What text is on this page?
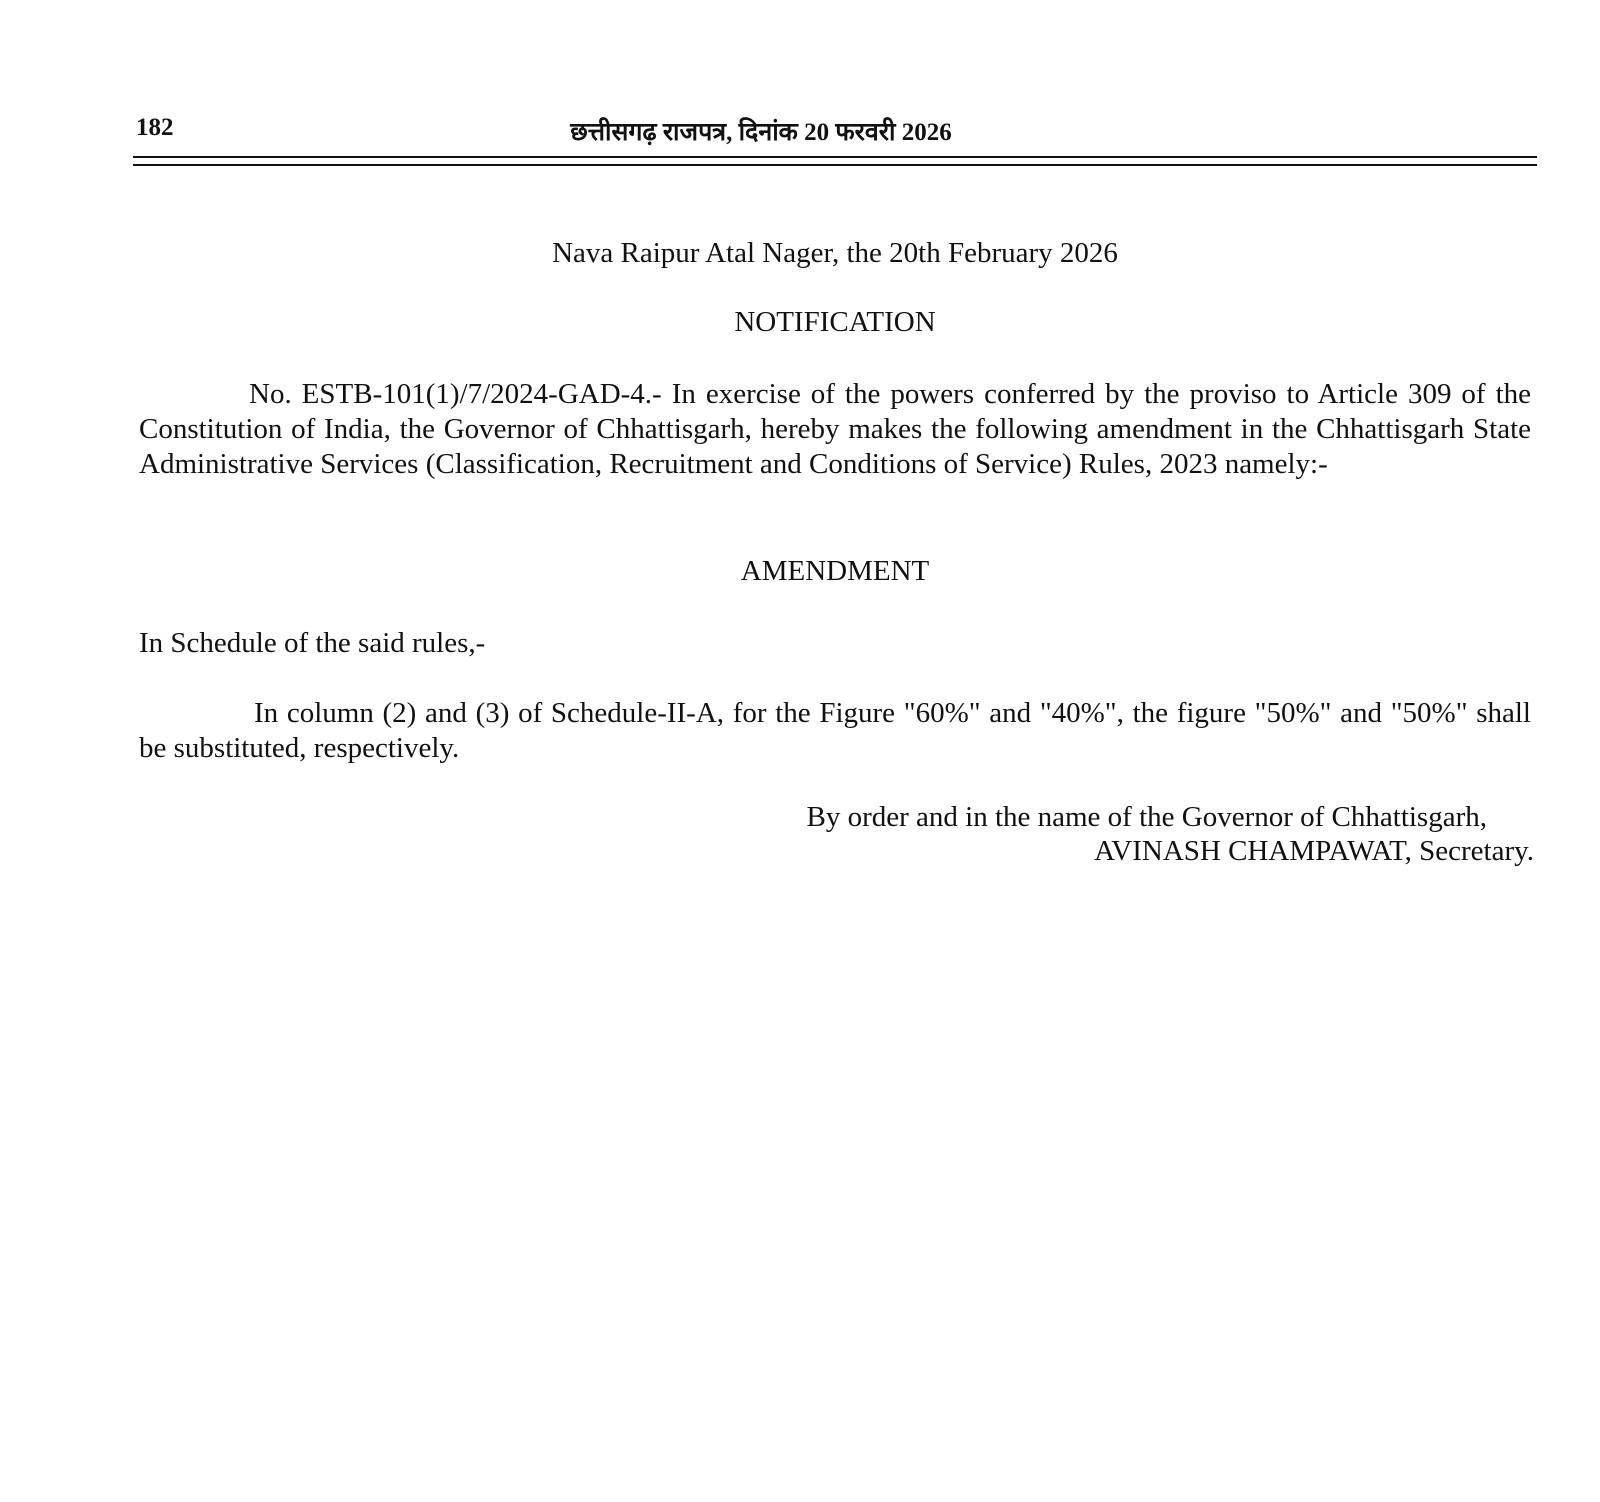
182	छत्तीसगढ़ राजपत्र, दिनांक 20 फरवरी 2026
Nava Raipur Atal Nager, the 20th February 2026
NOTIFICATION
No. ESTB-101(1)/7/2024-GAD-4.- In exercise of the powers conferred by the proviso to Article 309 of the Constitution of India, the Governor of Chhattisgarh, hereby makes the following amendment in the Chhattisgarh State Administrative Services (Classification, Recruitment and Conditions of Service) Rules, 2023 namely:-
AMENDMENT
In Schedule of the said rules,-
In column (2) and (3) of Schedule-II-A, for the Figure "60%" and "40%", the figure "50%" and "50%" shall be substituted, respectively.
By order and in the name of the Governor of Chhattisgarh,
AVINASH CHAMPAWAT, Secretary.
